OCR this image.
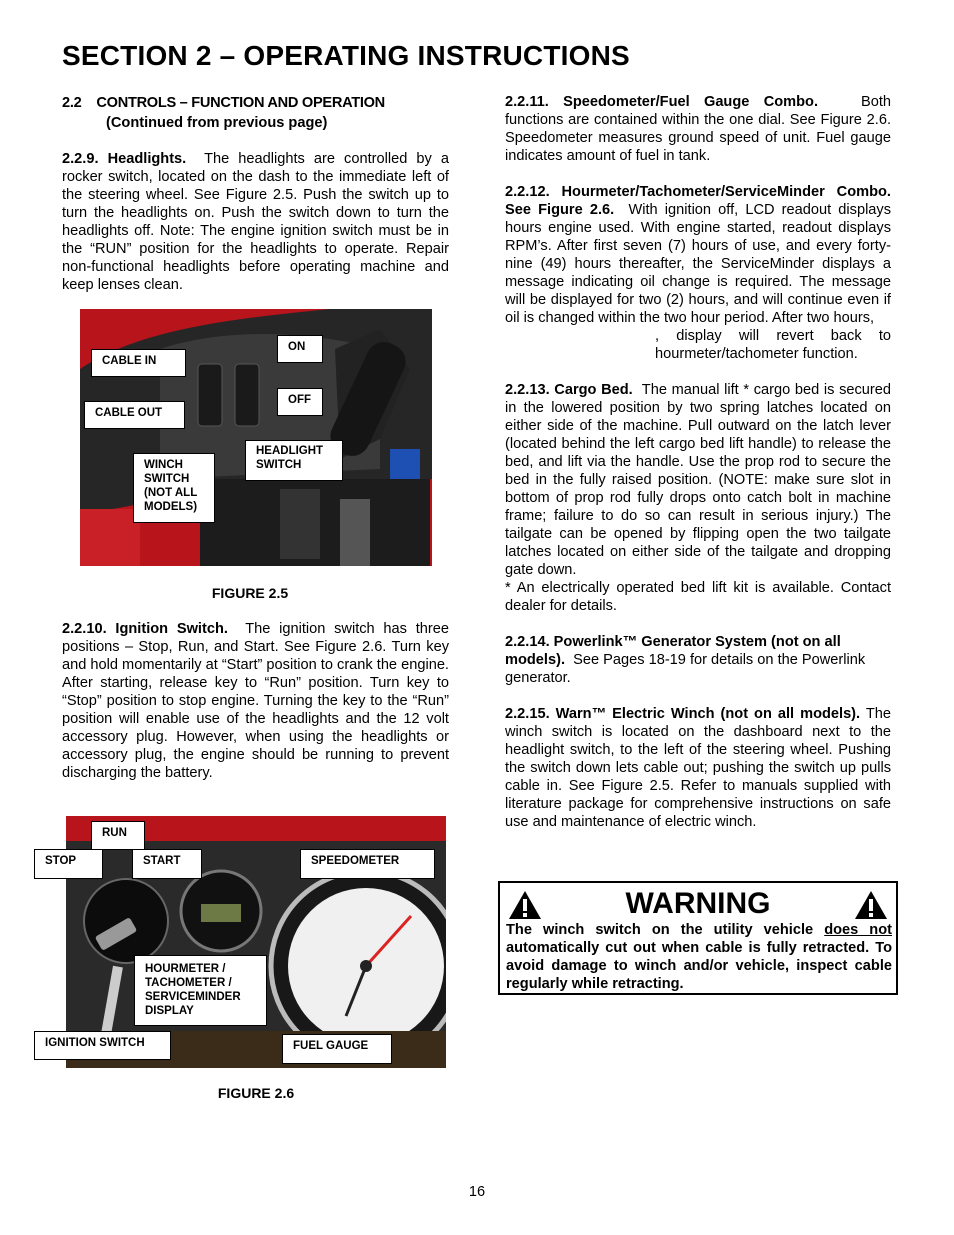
SECTION 2 – OPERATING INSTRUCTIONS
2.2 CONTROLS – FUNCTION AND OPERATION
(Continued from previous page)

2.2.9. Headlights. The headlights are controlled by a rocker switch, located on the dash to the immediate left of the steering wheel. See Figure 2.5. Push the switch up to turn the headlights on. Push the switch down to turn the headlights off. Note: The engine ignition switch must be in the “RUN” position for the headlights to operate. Repair non-functional headlights before operating machine and keep lenses clean.

CABLE IN
CABLE OUT
ON
OFF
HEADLIGHT SWITCH
WINCH SWITCH (NOT ALL MODELS)
FIGURE 2.5

2.2.10. Ignition Switch. The ignition switch has three positions – Stop, Run, and Start. See Figure 2.6. Turn key and hold momentarily at “Start” position to crank the engine. After starting, release key to “Run” position. Turn key to “Stop” position to stop engine. Turning the key to the “Run” position will enable use of the headlights and the 12 volt accessory plug. However, when using the headlights or accessory plug, the engine should be running to prevent discharging the battery.

RUN
STOP	START	SPEEDOMETER
HOURMETER / TACHOMETER / SERVICEMINDER DISPLAY
IGNITION SWITCH	FUEL GAUGE
FIGURE 2.6

2.2.11. Speedometer/Fuel Gauge Combo.	Both functions are contained within the one dial. See Figure 2.6. Speedometer measures ground speed of unit. Fuel gauge indicates amount of fuel in tank.

2.2.12. Hourmeter/Tachometer/ServiceMinder Combo. See Figure 2.6. With ignition off, LCD readout displays hours engine used. With engine started, readout displays RPM’s. After first seven (7) hours of use, and every forty-nine (49) hours thereafter, the ServiceMinder displays a message indicating oil change is required. The message will be displayed for two (2) hours, and will continue even if oil is changed within the two hour period. After two hours,

, display will revert back to hourmeter/tachometer function.

2.2.13. Cargo Bed. The manual lift * cargo bed is secured in the lowered position by two spring latches located on either side of the machine. Pull outward on the latch lever (located behind the left cargo bed lift handle) to release the bed, and lift via the handle. Use the prop rod to secure the bed in the fully raised position. (NOTE: make sure slot in bottom of prop rod fully drops onto catch bolt in machine frame; failure to do so can result in serious injury.) The tailgate can be opened by flipping open the two tailgate latches located on either side of the tailgate and dropping gate down.

* An electrically operated bed lift kit is available. Contact dealer for details.

2.2.14. Powerlink™ Generator System (not on all models). See Pages 18-19 for details on the Powerlink generator.

2.2.15. Warn™ Electric Winch (not on all models). The winch switch is located on the dashboard next to the headlight switch, to the left of the steering wheel. Pushing the switch down lets cable out; pushing the switch up pulls cable in. See Figure 2.5. Refer to manuals supplied with literature package for comprehensive instructions on safe use and maintenance of electric winch.

WARNING
The winch switch on the utility vehicle does not automatically cut out when cable is fully retracted. To avoid damage to winch and/or vehicle, inspect cable regularly while retracting.
16
